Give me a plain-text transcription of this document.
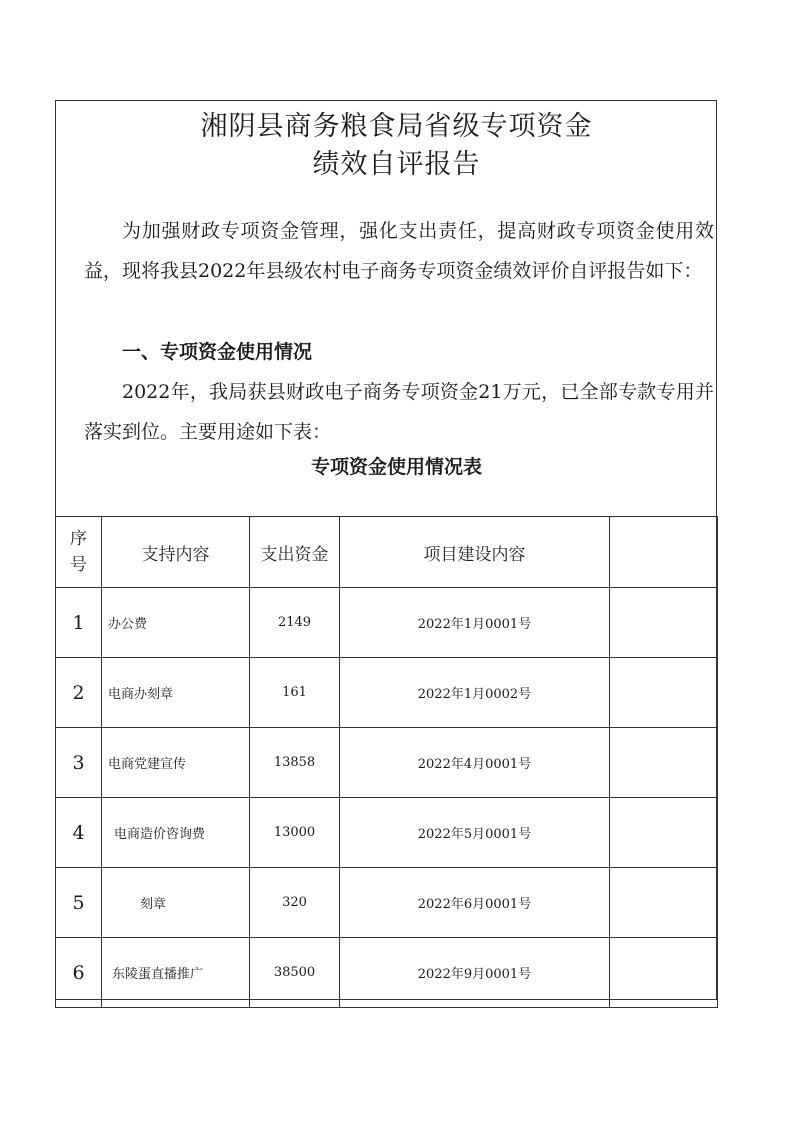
湘阴县商务粮食局省级专项资金
绩效自评报告

为加强财政专项资金管理，强化支出责任，提高财政专项资金使用效益，现将我县2022年县级农村电子商务专项资金绩效评价自评报告如下：

一、专项资金使用情况

2022年，我局获县财政电子商务专项资金21万元，已全部专款专用并落实到位。主要用途如下表：

专项资金使用情况表
序号	支持内容	支出资金	项目建设内容	
1	办公费	2149	2022年1月0001号	
2	电商办刻章	161	2022年1月0002号	
3	电商党建宣传	13858	2022年4月0001号	
4	电商造价咨询费	13000	2022年5月0001号	
5	刻章	320	2022年6月0001号	
6	东陵蛋直播推广	38500	2022年9月0001号	
